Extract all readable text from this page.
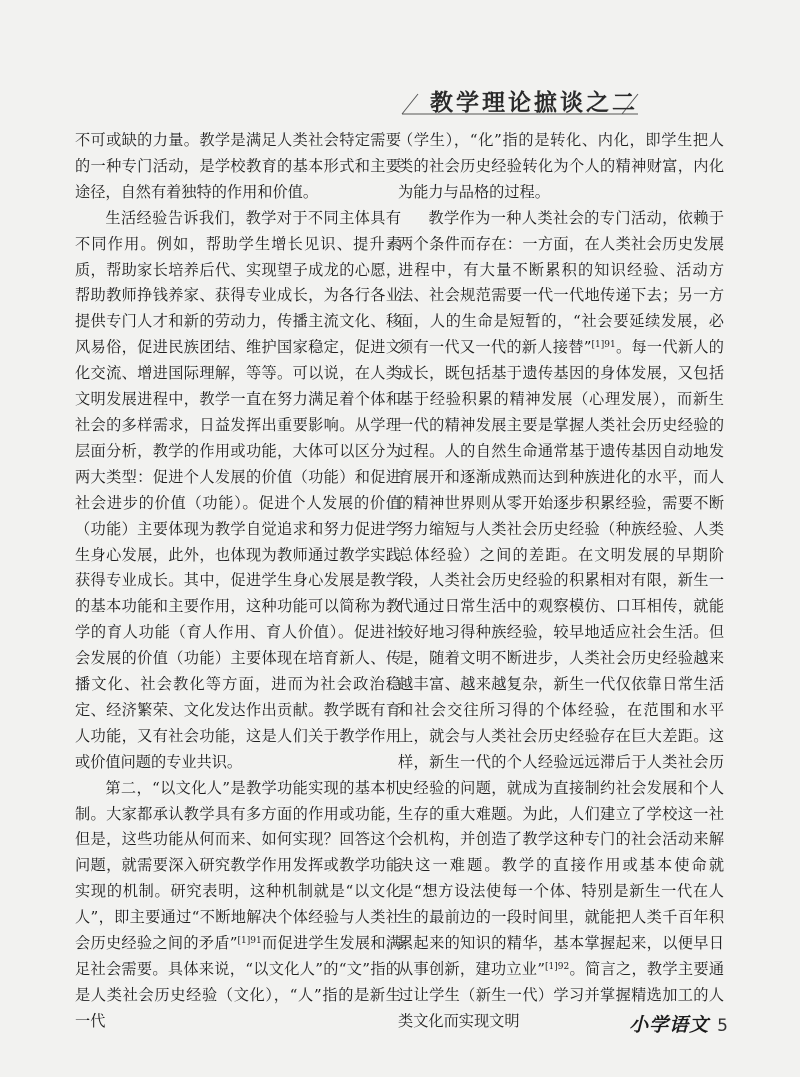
教学理论摭谈之二

不可或缺的力量。教学是满足人类社会特定需要的一种专门活动，是学校教育的基本形式和主要途径，自然有着独特的作用和价值。

生活经验告诉我们，教学对于不同主体具有不同作用。例如，帮助学生增长见识、提升素质，帮助家长培养后代、实现望子成龙的心愿，帮助教师挣钱养家、获得专业成长，为各行各业提供专门人才和新的劳动力，传播主流文化、移风易俗，促进民族团结、维护国家稳定，促进文化交流、增进国际理解，等等。可以说，在人类文明发展进程中，教学一直在努力满足着个体和社会的多样需求，日益发挥出重要影响。从学理层面分析，教学的作用或功能，大体可以区分为两大类型：促进个人发展的价值（功能）和促进社会进步的价值（功能）。促进个人发展的价值（功能）主要体现为教学自觉追求和努力促进学生身心发展，此外，也体现为教师通过教学实践获得专业成长。其中，促进学生身心发展是教学的基本功能和主要作用，这种功能可以简称为教学的育人功能（育人作用、育人价值）。促进社会发展的价值（功能）主要体现在培育新人、传播文化、社会教化等方面，进而为社会政治稳定、经济繁荣、文化发达作出贡献。教学既有育人功能，又有社会功能，这是人们关于教学作用或价值问题的专业共识。

第二，“以文化人”是教学功能实现的基本机制。大家都承认教学具有多方面的作用或功能，但是，这些功能从何而来、如何实现？回答这个问题，就需要深入研究教学作用发挥或教学功能实现的机制。研究表明，这种机制就是“以文化人”，即主要通过“不断地解决个体经验与人类社会历史经验之间的矛盾”$^{[1]91}$而促进学生发展和满足社会需要。具体来说，“以文化人”的“文”指的是人类社会历史经验（文化），“人”指的是新生一代

（学生），“化”指的是转化、内化，即学生把人类的社会历史经验转化为个人的精神财富，内化为能力与品格的过程。

教学作为一种人类社会的专门活动，依赖于两个条件而存在：一方面，在人类社会历史发展进程中，有大量不断累积的知识经验、活动方法、社会规范需要一代一代地传递下去；另一方面，人的生命是短暂的，“社会要延续发展，必须有一代又一代的新人接替”$^{[1]91}$。每一代新人的成长，既包括基于遗传基因的身体发展，又包括基于经验积累的精神发展（心理发展），而新生一代的精神发展主要是掌握人类社会历史经验的过程。人的自然生命通常基于遗传基因自动地发育展开和逐渐成熟而达到种族进化的水平，而人的精神世界则从零开始逐步积累经验，需要不断努力缩短与人类社会历史经验（种族经验、人类总体经验）之间的差距。在文明发展的早期阶段，人类社会历史经验的积累相对有限，新生一代通过日常生活中的观察模仿、口耳相传，就能较好地习得种族经验，较早地适应社会生活。但是，随着文明不断进步，人类社会历史经验越来越丰富、越来越复杂，新生一代仅依靠日常生活和社会交往所习得的个体经验，在范围和水平上，就会与人类社会历史经验存在巨大差距。这样，新生一代的个人经验远远滞后于人类社会历史经验的问题，就成为直接制约社会发展和个人生存的重大难题。为此，人们建立了学校这一社会机构，并创造了教学这种专门的社会活动来解决这一难题。教学的直接作用或基本使命就是“想方设法使每一个体、特别是新生一代在人生的最前边的一段时间里，就能把人类千百年积累起来的知识的精华，基本掌握起来，以便早日从事创新，建功立业”$^{[1]92}$。简言之，教学主要通过让学生（新生一代）学习并掌握精选加工的人类文化而实现文明	小学语文 5
